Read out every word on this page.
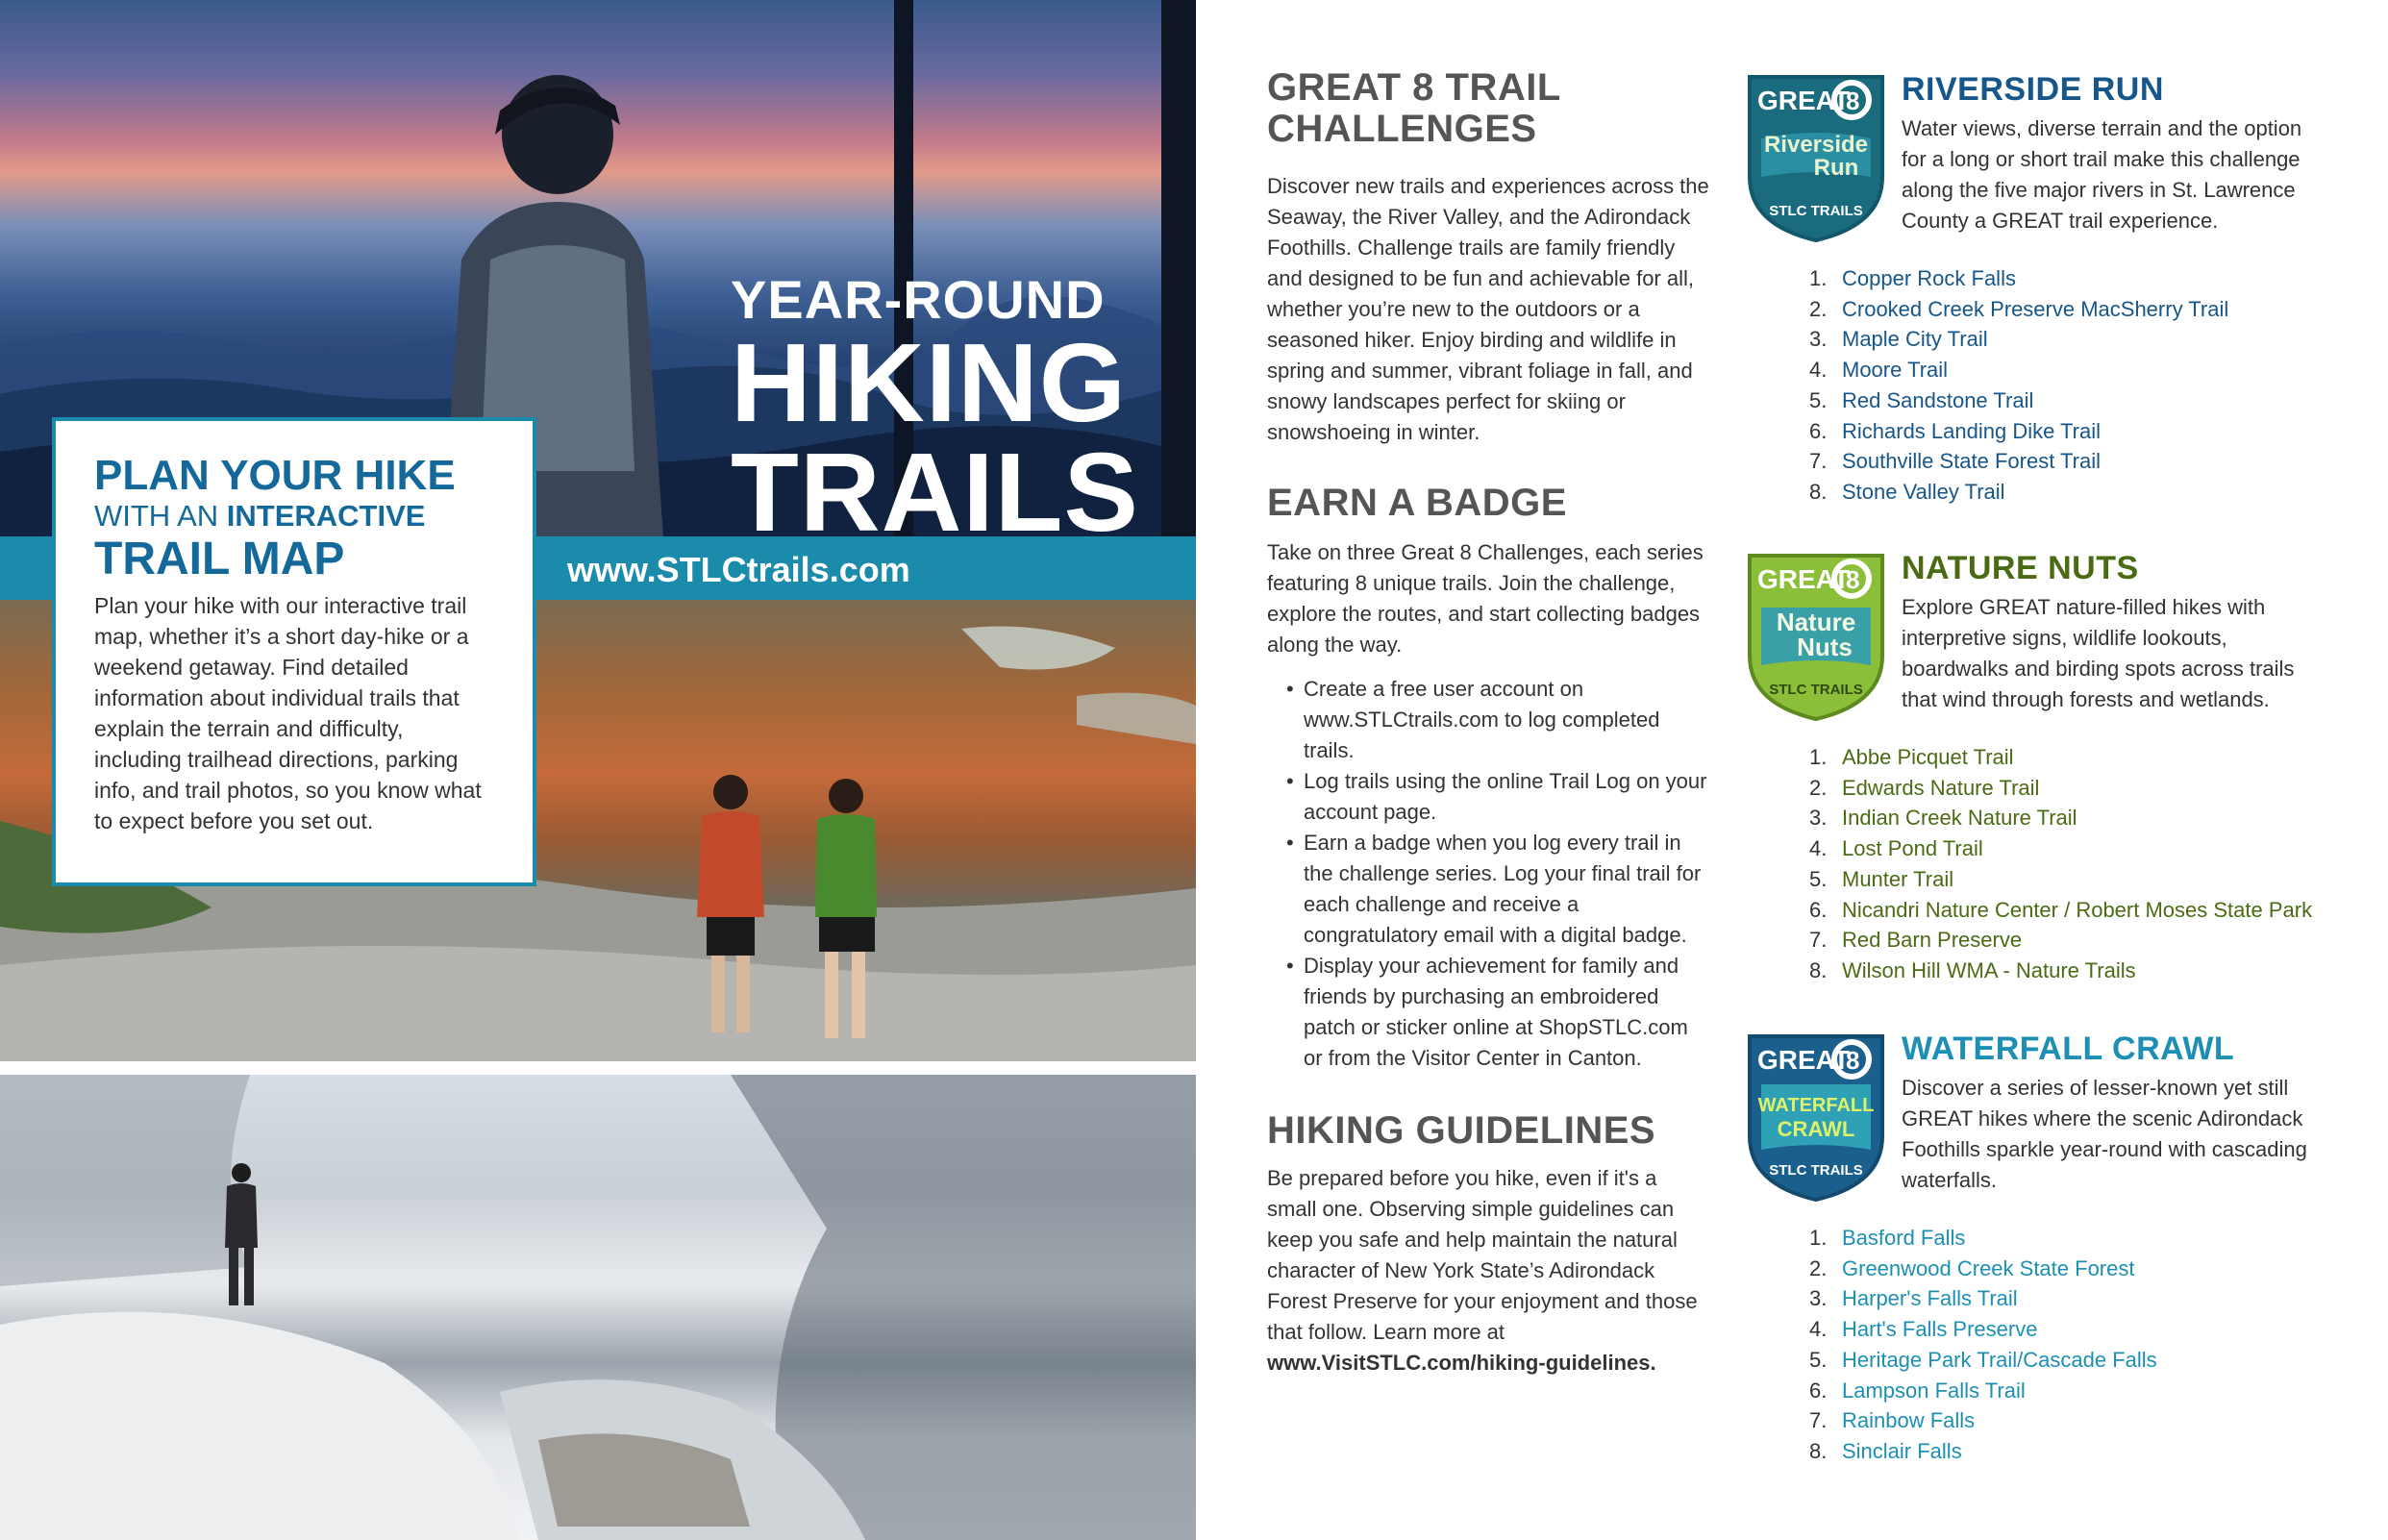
www.STLCtrails.com
YEAR-ROUND
HIKING
TRAILS
PLAN YOUR HIKE
WITH AN INTERACTIVE
TRAIL MAP
Plan your hike with our interactive trail map, whether it’s a short day-hike or a weekend getaway. Find detailed information about individual trails that explain the terrain and difficulty, including trailhead directions, parking info, and trail photos, so you know what to expect before you set out.
GREAT 8 TRAIL
CHALLENGES
Discover new trails and experiences across the Seaway, the River Valley, and the Adirondack Foothills. Challenge trails are family friendly and designed to be fun and achievable for all, whether you’re new to the outdoors or a seasoned hiker. Enjoy birding and wildlife in spring and summer, vibrant foliage in fall, and snowy landscapes perfect for skiing or snowshoeing in winter.
EARN A BADGE
Take on three Great 8 Challenges, each series featuring 8 unique trails. Join the challenge, explore the routes, and start collecting badges along the way.
• Create a free user account on www.STLCtrails.com to log completed trails.
• Log trails using the online Trail Log on your account page.
• Earn a badge when you log every trail in the challenge series. Log your final trail for each challenge and receive a congratulatory email with a digital badge.
• Display your achievement for family and friends by purchasing an embroidered patch or sticker online at ShopSTLC.com or from the Visitor Center in Canton.
HIKING GUIDELINES
Be prepared before you hike, even if it's a small one. Observing simple guidelines can keep you safe and help maintain the natural character of New York State’s Adirondack Forest Preserve for your enjoyment and those that follow. Learn more at www.VisitSTLC.com/hiking-guidelines.
GREAT
8
Riverside
Run
STLC TRAILS
RIVERSIDE RUN
Water views, diverse terrain and the option for a long or short trail make this challenge along the five major rivers in St. Lawrence County a GREAT trail experience.
1. Copper Rock Falls
2. Crooked Creek Preserve MacSherry Trail
3. Maple City Trail
4. Moore Trail
5. Red Sandstone Trail
6. Richards Landing Dike Trail
7. Southville State Forest Trail
8. Stone Valley Trail
GREAT
8
Nature
Nuts
STLC TRAILS
NATURE NUTS
Explore GREAT nature-filled hikes with interpretive signs, wildlife lookouts, boardwalks and birding spots across trails that wind through forests and wetlands.
1. Abbe Picquet Trail
2. Edwards Nature Trail
3. Indian Creek Nature Trail
4. Lost Pond Trail
5. Munter Trail
6. Nicandri Nature Center / Robert Moses State Park
7. Red Barn Preserve
8. Wilson Hill WMA - Nature Trails
GREAT
8
WATERFALL
CRAWL
STLC TRAILS
WATERFALL CRAWL
Discover a series of lesser-known yet still GREAT hikes where the scenic Adirondack Foothills sparkle year-round with cascading waterfalls.
1. Basford Falls
2. Greenwood Creek State Forest
3. Harper's Falls Trail
4. Hart's Falls Preserve
5. Heritage Park Trail/Cascade Falls
6. Lampson Falls Trail
7. Rainbow Falls
8. Sinclair Falls
